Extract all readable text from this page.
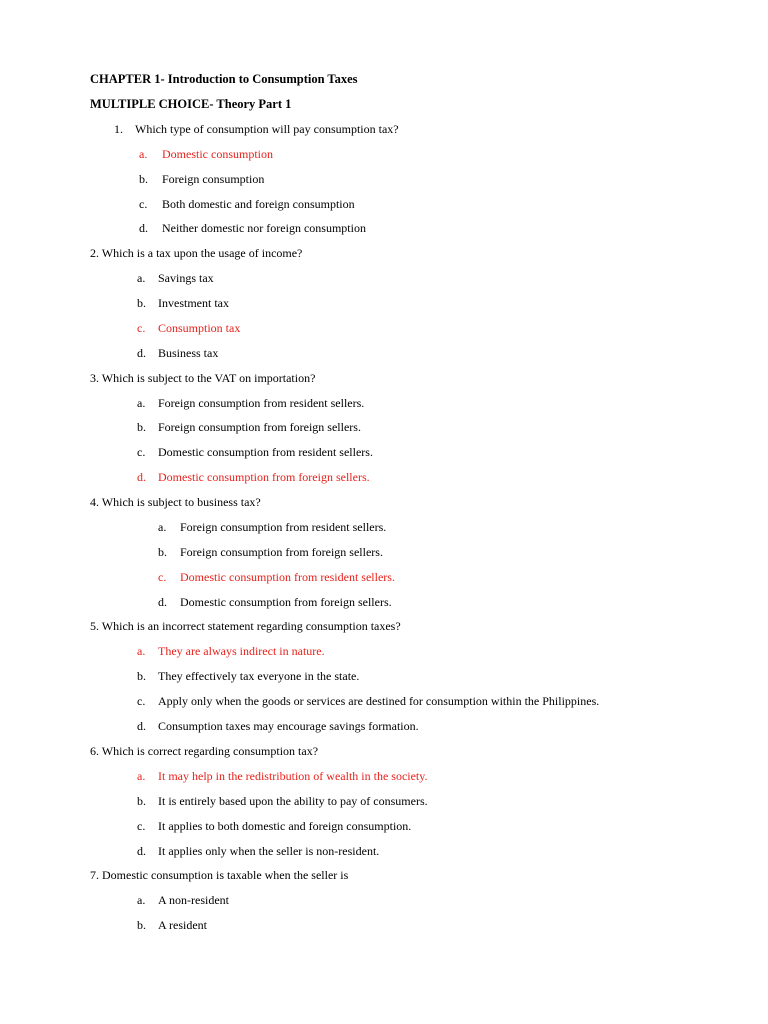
CHAPTER 1- Introduction to Consumption Taxes
MULTIPLE CHOICE- Theory Part 1
1. Which type of consumption will pay consumption tax?
a. Domestic consumption
b. Foreign consumption
c. Both domestic and foreign consumption
d. Neither domestic nor foreign consumption
2. Which is a tax upon the usage of income?
a. Savings tax
b. Investment tax
c. Consumption tax
d. Business tax
3. Which is subject to the VAT on importation?
a. Foreign consumption from resident sellers.
b. Foreign consumption from foreign sellers.
c. Domestic consumption from resident sellers.
d. Domestic consumption from foreign sellers.
4. Which is subject to business tax?
a. Foreign consumption from resident sellers.
b. Foreign consumption from foreign sellers.
c. Domestic consumption from resident sellers.
d. Domestic consumption from foreign sellers.
5. Which is an incorrect statement regarding consumption taxes?
a. They are always indirect in nature.
b. They effectively tax everyone in the state.
c. Apply only when the goods or services are destined for consumption within the Philippines.
d. Consumption taxes may encourage savings formation.
6. Which is correct regarding consumption tax?
a. It may help in the redistribution of wealth in the society.
b. It is entirely based upon the ability to pay of consumers.
c. It applies to both domestic and foreign consumption.
d. It applies only when the seller is non-resident.
7. Domestic consumption is taxable when the seller is
a. A non-resident
b. A resident
